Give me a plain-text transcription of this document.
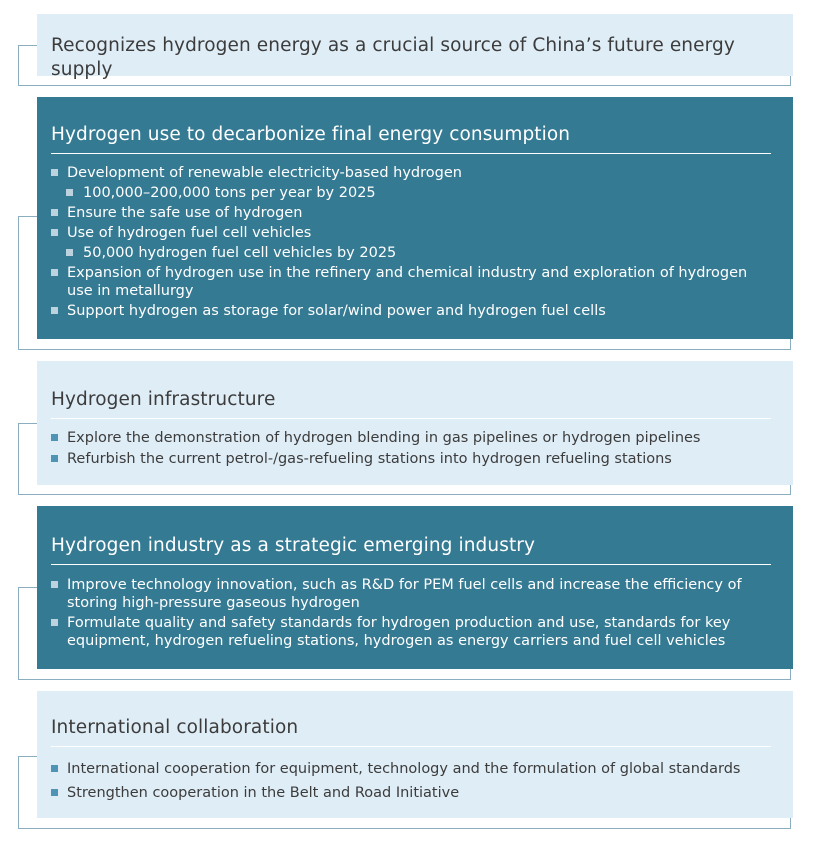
Recognizes hydrogen energy as a crucial source of China’s future energy supply
Hydrogen use to decarbonize final energy consumption
Development of renewable electricity-based hydrogen
100,000–200,000 tons per year by 2025
Ensure the safe use of hydrogen
Use of hydrogen fuel cell vehicles
50,000 hydrogen fuel cell vehicles by 2025
Expansion of hydrogen use in the refinery and chemical industry and exploration of hydrogen use in metallurgy
Support hydrogen as storage for solar/wind power and hydrogen fuel cells
Hydrogen infrastructure
Explore the demonstration of hydrogen blending in gas pipelines or hydrogen pipelines
Refurbish the current petrol-/gas-refueling stations into hydrogen refueling stations
Hydrogen industry as a strategic emerging industry
Improve technology innovation, such as R&D for PEM fuel cells and increase the efficiency of storing high-pressure gaseous hydrogen
Formulate quality and safety standards for hydrogen production and use, standards for key equipment, hydrogen refueling stations, hydrogen as energy carriers and fuel cell vehicles
International collaboration
International cooperation for equipment, technology and the formulation of global standards
Strengthen cooperation in the Belt and Road Initiative
